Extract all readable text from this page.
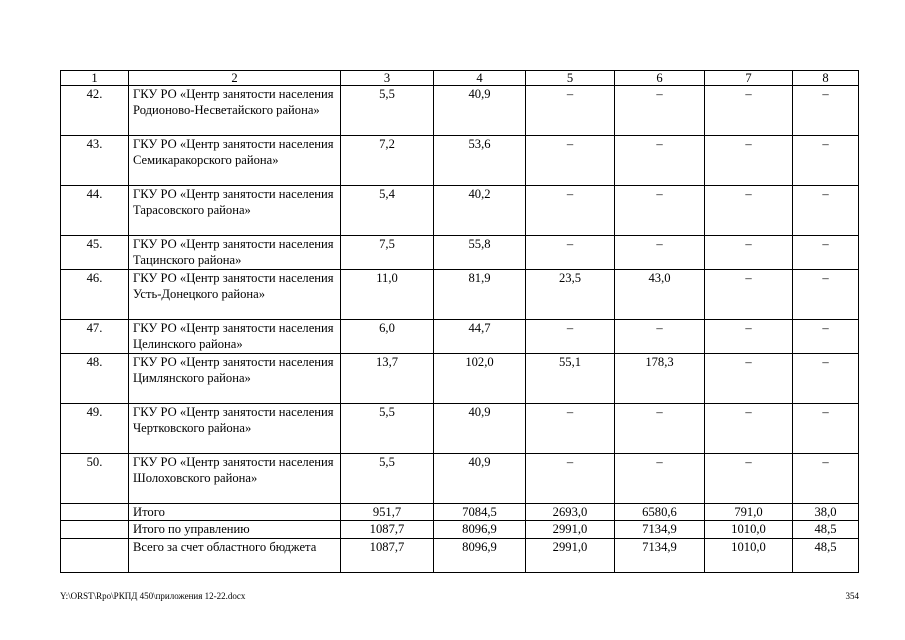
1	2	3	4	5	6	7	8
42.	ГКУ РО «Центр занятости населения Родионово-Несветайского района»	5,5	40,9	–	–	–	–
43.	ГКУ РО «Центр занятости населения Семикаракорского района»	7,2	53,6	–	–	–	–
44.	ГКУ РО «Центр занятости населения Тарасовского района»	5,4	40,2	–	–	–	–
45.	ГКУ РО «Центр занятости населения Тацинского района»	7,5	55,8	–	–	–	–
46.	ГКУ РО «Центр занятости населения Усть-Донецкого района»	11,0	81,9	23,5	43,0	–	–
47.	ГКУ РО «Центр занятости населения Целинского района»	6,0	44,7	–	–	–	–
48.	ГКУ РО «Центр занятости населения Цимлянского района»	13,7	102,0	55,1	178,3	–	–
49.	ГКУ РО «Центр занятости населения Чертковского района»	5,5	40,9	–	–	–	–
50.	ГКУ РО «Центр занятости населения Шолоховского района»	5,5	40,9	–	–	–	–
	Итого	951,7	7084,5	2693,0	6580,6	791,0	38,0
	Итого по управлению	1087,7	8096,9	2991,0	7134,9	1010,0	48,5
	Всего за счет областного бюджета	1087,7	8096,9	2991,0	7134,9	1010,0	48,5
Y:\ORST\Rpo\РКПД 450\приложения 12-22.docx	354
